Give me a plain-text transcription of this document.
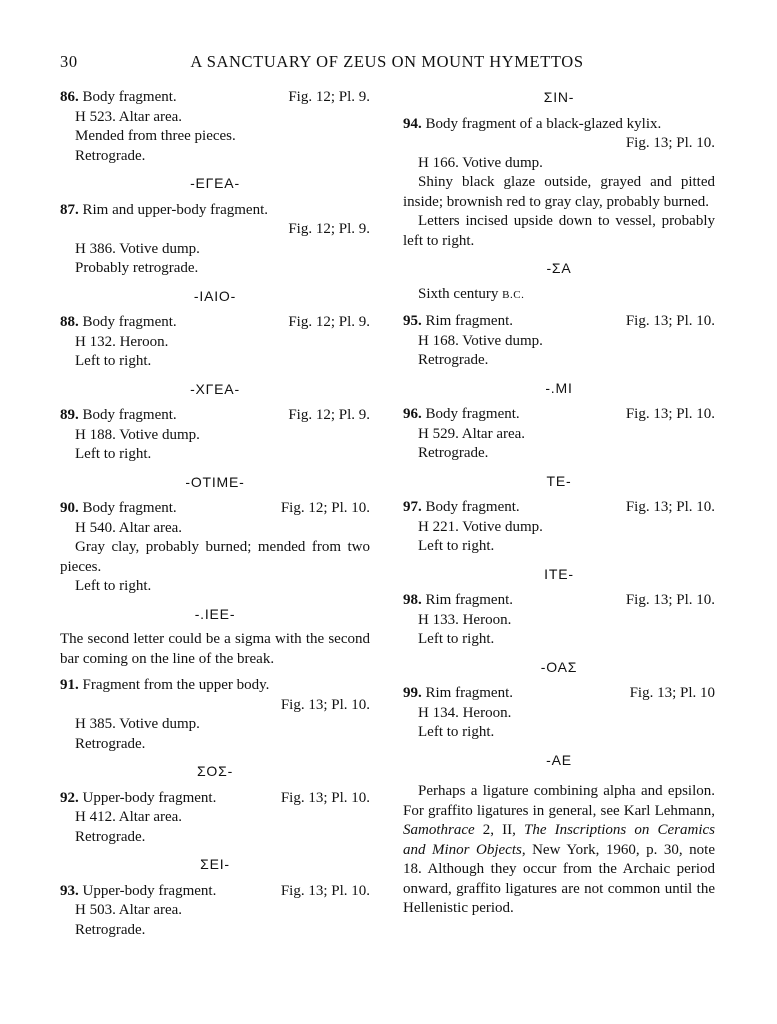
30	A SANCTUARY OF ZEUS ON MOUNT HYMETTOS
86. Body fragment.	Fig. 12; Pl. 9.

H 523. Altar area.

Mended from three pieces.

Retrograde.

-ΕΓΕΑ-
87. Rim and upper-body fragment.
Fig. 12; Pl. 9.

H 386. Votive dump.

Probably retrograde.

-ΙΑΙΟ-
88. Body fragment.	Fig. 12; Pl. 9.

H 132. Heroon.

Left to right.

-ΧΓΕΑ-
89. Body fragment.	Fig. 12; Pl. 9.

H 188. Votive dump.

Left to right.

-ΟΤΙΜΕ-
90. Body fragment.	Fig. 12; Pl. 10.

H 540. Altar area.

Gray clay, probably burned; mended from two pieces.

Left to right.

-.ΙΕΕ-

The second letter could be a sigma with the second bar coming on the line of the break.

91. Fragment from the upper body.
Fig. 13; Pl. 10.

H 385. Votive dump.

Retrograde.

ΣΟΣ-
92. Upper-body fragment.	Fig. 13; Pl. 10.

H 412. Altar area.

Retrograde.

ΣΕΙ-
93. Upper-body fragment.	Fig. 13; Pl. 10.

H 503. Altar area.

Retrograde.

ΣΙΝ-
94. Body fragment of a black-glazed kylix.
Fig. 13; Pl. 10.

H 166. Votive dump.

Shiny black glaze outside, grayed and pitted inside; brownish red to gray clay, probably burned.

Letters incised upside down to vessel, probably left to right.

-ΣΑ

Sixth century B.C.

95. Rim fragment.	Fig. 13; Pl. 10.

H 168. Votive dump.

Retrograde.

-.ΜΙ
96. Body fragment.	Fig. 13; Pl. 10.

H 529. Altar area.

Retrograde.

ΤΕ-
97. Body fragment.	Fig. 13; Pl. 10.

H 221. Votive dump.

Left to right.

ΙΤΕ-
98. Rim fragment.	Fig. 13; Pl. 10.

H 133. Heroon.

Left to right.

-ΟΑΣ
99. Rim fragment.	Fig. 13; Pl. 10

H 134. Heroon.

Left to right.

-ΑΕ

Perhaps a ligature combining alpha and epsilon. For graffito ligatures in general, see Karl Lehmann, Samothrace 2, II, The Inscriptions on Ceramics and Minor Objects, New York, 1960, p. 30, note 18. Although they occur from the Archaic period onward, graffito ligatures are not common until the Hellenistic period.
